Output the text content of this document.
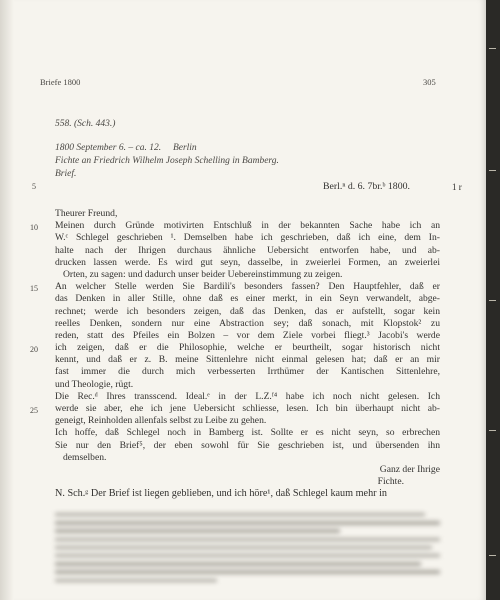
Briefe 1800	305
558. (Sch. 443.)
1800 September 6. – ca. 12.     Berlin
Fichte an Friedrich Wilhelm Joseph Schelling in Bamberg.
Brief.
5	Berl.ⁿ d. 6. 7br.ᵇ 1800.	1 r
10
15
20
25
Theurer Freund,
Meinen durch Gründe motivirten Entschluß in der bekannten Sache habe ich an
W.ᶜ Schlegel geschrieben ¹. Demselben habe ich geschrieben, daß ich eine, dem In-
halte nach der Ihrigen durchaus ähnliche Uebersicht entworfen habe, und ab-
drucken lassen werde. Es wird gut seyn, dasselbe, in zweierlei Formen, an zweierlei
Orten, zu sagen: und dadurch unser beider Uebereinstimmung zu zeigen.
An welcher Stelle werden Sie Bardili's besonders fassen? Den Hauptfehler, daß er
das Denken in aller Stille, ohne daß es einer merkt, in ein Seyn verwandelt, abge-
rechnet; werde ich besonders zeigen, daß das Denken, das er aufstellt, sogar kein
reelles Denken, sondern nur eine Abstraction sey; daß sonach, mit Klopstok² zu
reden, statt des Pfeiles ein Bolzen – vor dem Ziele vorbei fliegt.³ Jacobi's werde
ich zeigen, daß er die Philosophie, welche er beurtheilt, sogar historisch nicht
kennt, und daß er z. B. meine Sittenlehre nicht einmal gelesen hat; daß er an mir
fast immer die durch mich verbesserten Irrthümer der Kantischen Sittenlehre,
und Theologie, rügt.
Die Rec.ᵈ Ihres transscend. Ideal.ᵉ in der L.Z.ᶠ⁴ habe ich noch nicht gelesen. Ich
werde sie aber, ehe ich jene Uebersicht schliesse, lesen. Ich bin überhaupt nicht ab-
geneigt, Reinholden allenfals selbst zu Leibe zu gehen.
Ich hoffe, daß Schlegel noch in Bamberg ist. Sollte er es nicht seyn, so erbrechen
Sie nur den Brief⁵, der eben sowohl für Sie geschrieben ist, und übersenden ihn
demselben.
Ganz der Ihrige
Fichte.
N. Sch.ᵍ Der Brief ist liegen geblieben, und ich höre¹, daß Schlegel kaum mehr in
